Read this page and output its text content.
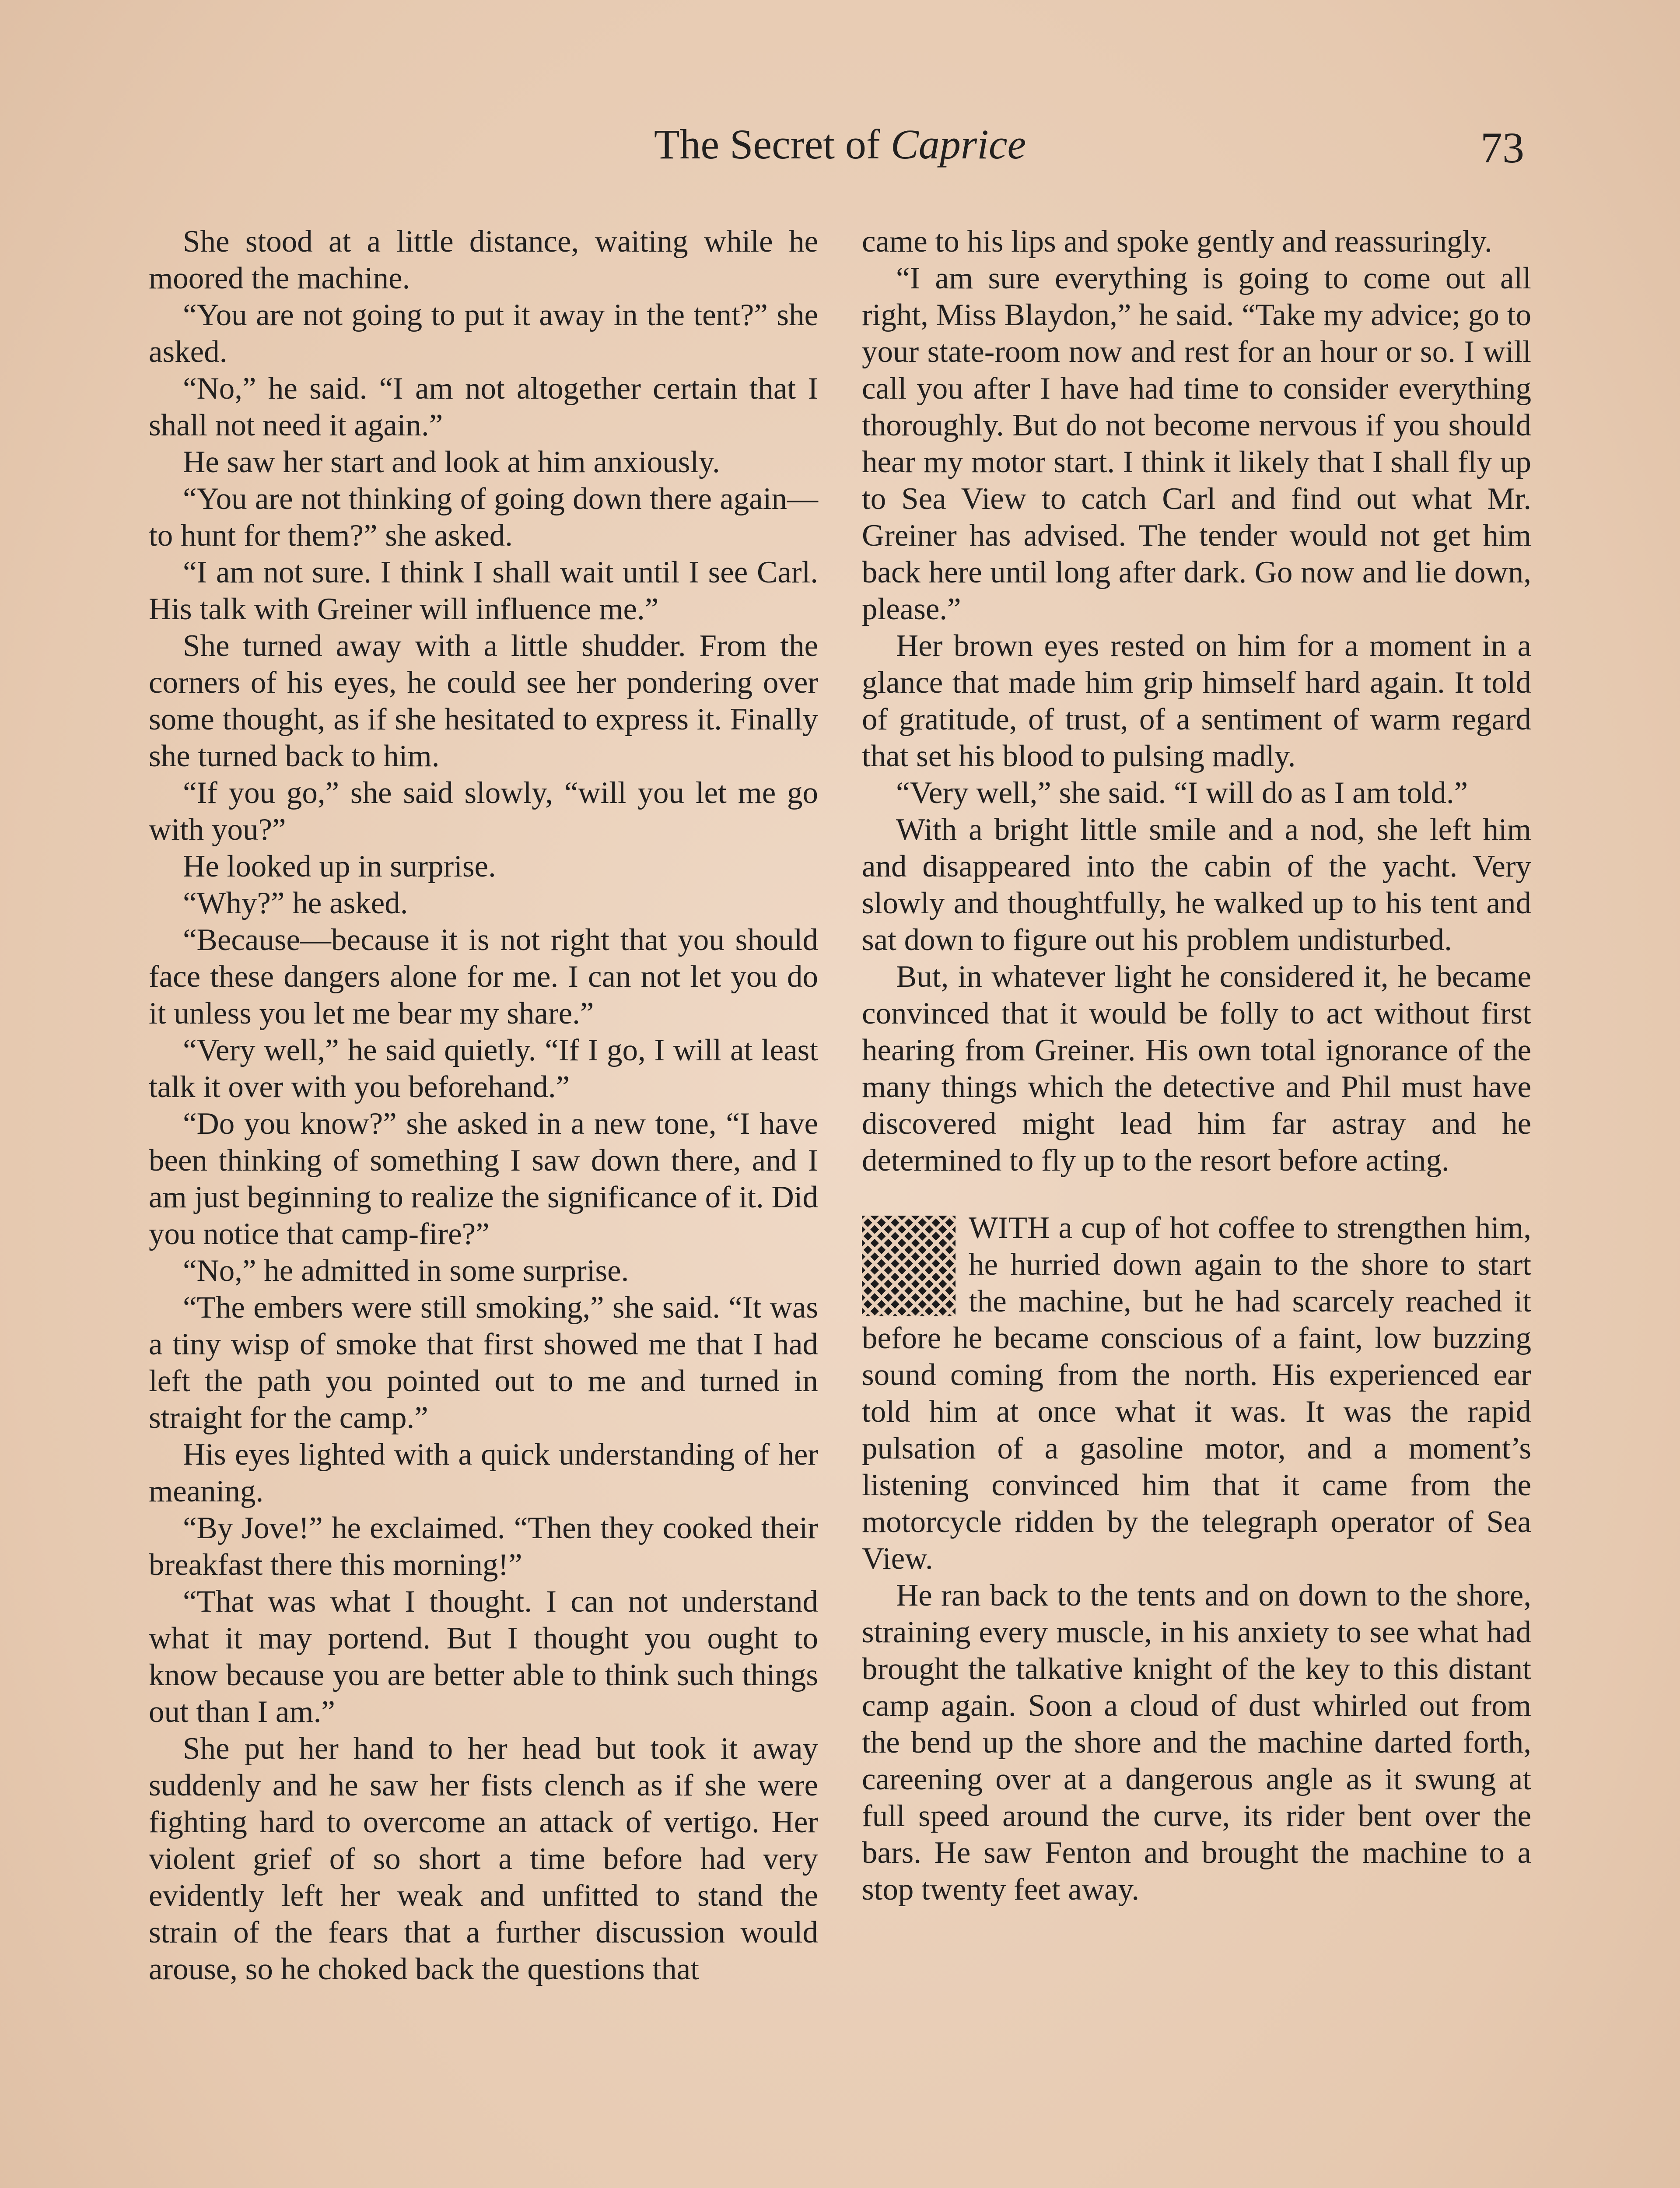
The Secret of Caprice	73

She stood at a little distance, waiting while he moored the machine.

“You are not going to put it away in the tent?” she asked.

“No,” he said. “I am not altogether certain that I shall not need it again.”

He saw her start and look at him anxiously.

“You are not thinking of going down there again—to hunt for them?” she asked.

“I am not sure. I think I shall wait until I see Carl. His talk with Greiner will influence me.”

She turned away with a little shudder. From the corners of his eyes, he could see her pondering over some thought, as if she hesitated to express it. Finally she turned back to him.

“If you go,” she said slowly, “will you let me go with you?”

He looked up in surprise.

“Why?” he asked.

“Because—because it is not right that you should face these dangers alone for me. I can not let you do it unless you let me bear my share.”

“Very well,” he said quietly. “If I go, I will at least talk it over with you beforehand.”

“Do you know?” she asked in a new tone, “I have been thinking of something I saw down there, and I am just beginning to realize the significance of it. Did you notice that camp-fire?”

“No,” he admitted in some surprise.

“The embers were still smoking,” she said. “It was a tiny wisp of smoke that first showed me that I had left the path you pointed out to me and turned in straight for the camp.”

His eyes lighted with a quick understanding of her meaning.

“By Jove!” he exclaimed. “Then they cooked their breakfast there this morning!”

“That was what I thought. I can not understand what it may portend. But I thought you ought to know because you are better able to think such things out than I am.”

She put her hand to her head but took it away suddenly and he saw her fists clench as if she were fighting hard to overcome an attack of vertigo. Her violent grief of so short a time before had very evidently left her weak and unfitted to stand the strain of the fears that a further discussion would arouse, so he choked back the questions that

came to his lips and spoke gently and reassuringly.

“I am sure everything is going to come out all right, Miss Blaydon,” he said. “Take my advice; go to your state-room now and rest for an hour or so. I will call you after I have had time to consider everything thoroughly. But do not become nervous if you should hear my motor start. I think it likely that I shall fly up to Sea View to catch Carl and find out what Mr. Greiner has advised. The tender would not get him back here until long after dark. Go now and lie down, please.”

Her brown eyes rested on him for a moment in a glance that made him grip himself hard again. It told of gratitude, of trust, of a sentiment of warm regard that set his blood to pulsing madly.

“Very well,” she said. “I will do as I am told.”

With a bright little smile and a nod, she left him and disappeared into the cabin of the yacht. Very slowly and thoughtfully, he walked up to his tent and sat down to figure out his problem undisturbed.

But, in whatever light he considered it, he became convinced that it would be folly to act without first hearing from Greiner. His own total ignorance of the many things which the detective and Phil must have discovered might lead him far astray and he determined to fly up to the resort before acting.

WITH a cup of hot coffee to strengthen him, he hurried down again to the shore to start the machine, but he had scarcely reached it before he became conscious of a faint, low buzzing sound coming from the north. His experienced ear told him at once what it was. It was the rapid pulsation of a gasoline motor, and a moment’s listening convinced him that it came from the motorcycle ridden by the telegraph operator of Sea View.

He ran back to the tents and on down to the shore, straining every muscle, in his anxiety to see what had brought the talkative knight of the key to this distant camp again. Soon a cloud of dust whirled out from the bend up the shore and the machine darted forth, careening over at a dangerous angle as it swung at full speed around the curve, its rider bent over the bars. He saw Fenton and brought the machine to a stop twenty feet away.
